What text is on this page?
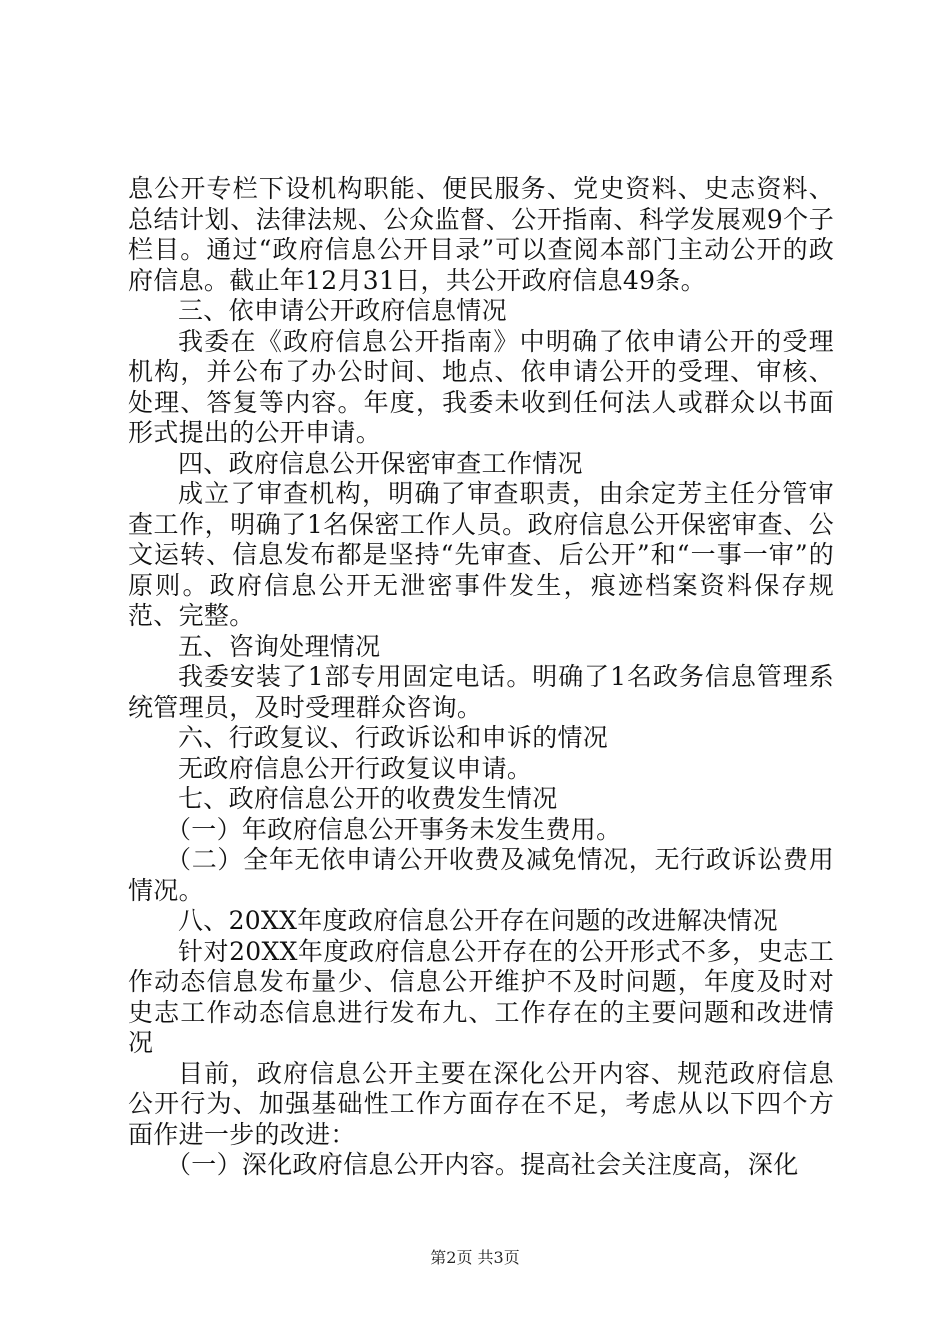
息公开专栏下设机构职能、便民服务、党史资料、史志资料、总结计划、法律法规、公众监督、公开指南、科学发展观9个子栏目。通过“政府信息公开目录”可以查阅本部门主动公开的政府信息。截止年12月31日，共公开政府信息49条。

三、依申请公开政府信息情况

我委在《政府信息公开指南》中明确了依申请公开的受理机构，并公布了办公时间、地点、依申请公开的受理、审核、处理、答复等内容。年度，我委未收到任何法人或群众以书面形式提出的公开申请。

四、政府信息公开保密审查工作情况

成立了审查机构，明确了审查职责，由余定芳主任分管审查工作，明确了1名保密工作人员。政府信息公开保密审查、公文运转、信息发布都是坚持“先审查、后公开”和“一事一审”的原则。政府信息公开无泄密事件发生，痕迹档案资料保存规范、完整。

五、咨询处理情况

我委安装了1部专用固定电话。明确了1名政务信息管理系统管理员，及时受理群众咨询。

六、行政复议、行政诉讼和申诉的情况

无政府信息公开行政复议申请。

七、政府信息公开的收费发生情况

（一）年政府信息公开事务未发生费用。

（二）全年无依申请公开收费及减免情况，无行政诉讼费用情况。

八、20XX年度政府信息公开存在问题的改进解决情况

针对20XX年度政府信息公开存在的公开形式不多，史志工作动态信息发布量少、信息公开维护不及时问题，年度及时对史志工作动态信息进行发布九、工作存在的主要问题和改进情况

目前，政府信息公开主要在深化公开内容、规范政府信息公开行为、加强基础性工作方面存在不足，考虑从以下四个方面作进一步的改进：

（一）深化政府信息公开内容。提高社会关注度高，深化

第2页 共3页
